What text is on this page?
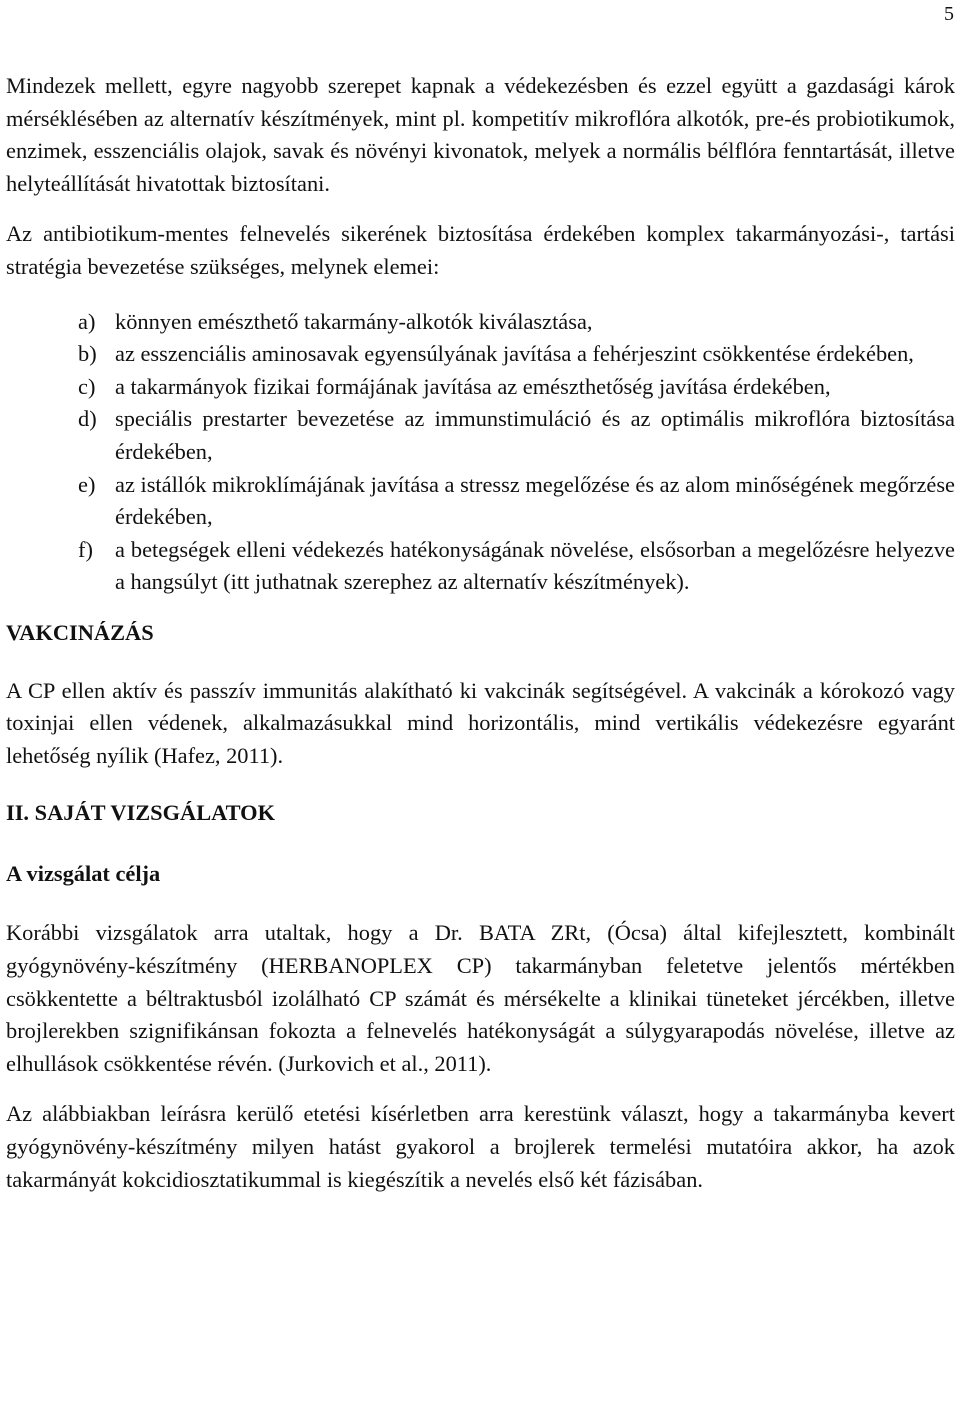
5

Mindezek mellett, egyre nagyobb szerepet kapnak a védekezésben és ezzel együtt a gazdasági károk mérséklésében az alternatív készítmények, mint pl. kompetitív mikroflóra alkotók, pre-és probiotikumok, enzimek, esszenciális olajok, savak és növényi kivonatok, melyek a normális bélflóra fenntartását, illetve helyteállítását hivatottak biztosítani.

Az antibiotikum-mentes felnevelés sikerének biztosítása érdekében komplex takarmányozási-, tartási stratégia bevezetése szükséges, melynek elemei:

a) könnyen emészthető takarmány-alkotók kiválasztása,
b) az esszenciális aminosavak egyensúlyának javítása a fehérjeszint csökkentése érdekében,
c) a takarmányok fizikai formájának javítása az emészthetőség javítása érdekében,
d) speciális prestarter bevezetése az immunstimuláció és az optimális mikroflóra biztosítása érdekében,
e) az istállók mikroklímájának javítása a stressz megelőzése és az alom minőségének megőrzése érdekében,
f) a betegségek elleni védekezés hatékonyságának növelése, elsősorban a megelőzésre helyezve a hangsúlyt (itt juthatnak szerephez az alternatív készítmények).
VAKCINÁZÁS

A CP ellen aktív és passzív immunitás alakítható ki vakcinák segítségével. A vakcinák a kórokozó vagy toxinjai ellen védenek, alkalmazásukkal mind horizontális, mind vertikális védekezésre egyaránt lehetőség nyílik (Hafez, 2011).

II. SAJÁT VIZSGÁLATOK
A vizsgálat célja

Korábbi vizsgálatok arra utaltak, hogy a Dr. BATA ZRt, (Ócsa) által kifejlesztett, kombinált gyógynövény-készítmény (HERBANOPLEX CP) takarmányban feletetve jelentős mértékben csökkentette a béltraktusból izolálható CP számát és mérsékelte a klinikai tüneteket jércékben, illetve brojlerekben szignifikánsan fokozta a felnevelés hatékonyságát a súlygyarapodás növelése, illetve az elhullások csökkentése révén. (Jurkovich et al., 2011).

Az alábbiakban leírásra kerülő etetési kísérletben arra kerestünk választ, hogy a takarmányba kevert gyógynövény-készítmény milyen hatást gyakorol a brojlerek termelési mutatóira akkor, ha azok takarmányát kokcidiosztatikummal is kiegészítik a nevelés első két fázisában.
